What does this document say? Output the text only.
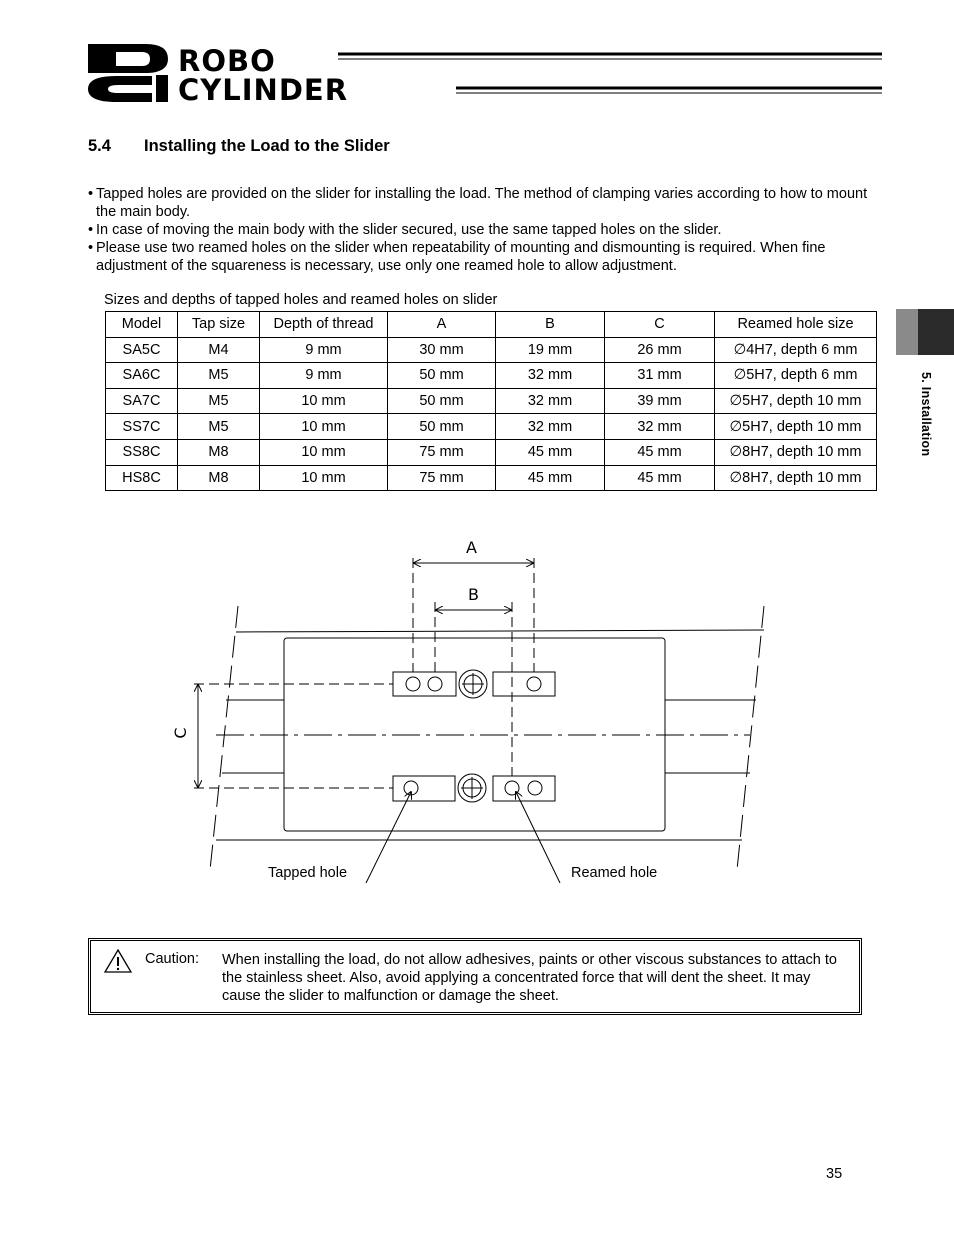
ROBO
CYLINDER
5.4 Installing the Load to the Slider

• Tapped holes are provided on the slider for installing the load. The method of clamping varies according to how to mount the main body.

• In case of moving the main body with the slider secured, use the same tapped holes on the slider.

• Please use two reamed holes on the slider when repeatability of mounting and dismounting is required. When fine adjustment of the squareness is necessary, use only one reamed hole to allow adjustment.

Sizes and depths of tapped holes and reamed holes on slider
Model	Tap size	Depth of thread	A	B	C	Reamed hole size
SA5C	M4	9 mm	30 mm	19 mm	26 mm	∅4H7, depth 6 mm
SA6C	M5	9 mm	50 mm	32 mm	31 mm	∅5H7, depth 6 mm
SA7C	M5	10 mm	50 mm	32 mm	39 mm	∅5H7, depth 10 mm
SS7C	M5	10 mm	50 mm	32 mm	32 mm	∅5H7, depth 10 mm
SS8C	M8	10 mm	75 mm	45 mm	45 mm	∅8H7, depth 10 mm
HS8C	M8	10 mm	75 mm	45 mm	45 mm	∅8H7, depth 10 mm
5. Installation
A
B
C
Tapped hole	Reamed hole
Caution: When installing the load, do not allow adhesives, paints or other viscous substances to attach to the stainless sheet. Also, avoid applying a concentrated force that will dent the sheet. It may cause the slider to malfunction or damage the sheet.
35
